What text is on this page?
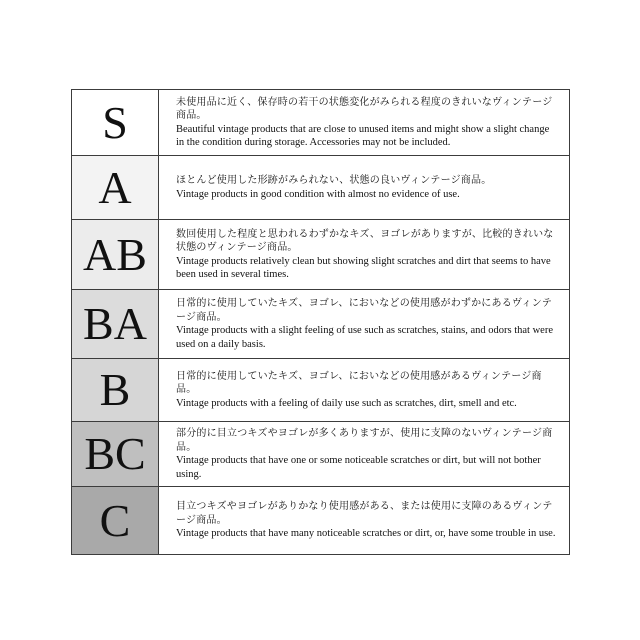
S	未使用品に近く、保存時の若干の状態変化がみられる程度のきれいなヴィンテージ商品。
Beautiful vintage products that are close to unused items and might show a slight change in the condition during storage. Accessories may not be included.

A	ほとんど使用した形跡がみられない、状態の良いヴィンテージ商品。
Vintage products in good condition with almost no evidence of use.

AB	数回使用した程度と思われるわずかなキズ、ヨゴレがありますが、比較的きれいな状態のヴィンテージ商品。
Vintage products relatively clean but showing slight scratches and dirt that seems to have been used in several times.

BA	日常的に使用していたキズ、ヨゴレ、においなどの使用感がわずかにあるヴィンテージ商品。
Vintage products with a slight feeling of use such as scratches, stains, and odors that were used on a daily basis.

B	日常的に使用していたキズ、ヨゴレ、においなどの使用感があるヴィンテージ商品。
Vintage products with a feeling of daily use such as scratches, dirt, smell and etc.

BC	部分的に目立つキズやヨゴレが多くありますが、使用に支障のないヴィンテージ商品。
Vintage products that have one or some noticeable scratches or dirt, but will not bother using.

C	目立つキズやヨゴレがありかなり使用感がある、または使用に支障のあるヴィンテージ商品。
Vintage products that have many noticeable scratches or dirt, or, have some trouble in use.
